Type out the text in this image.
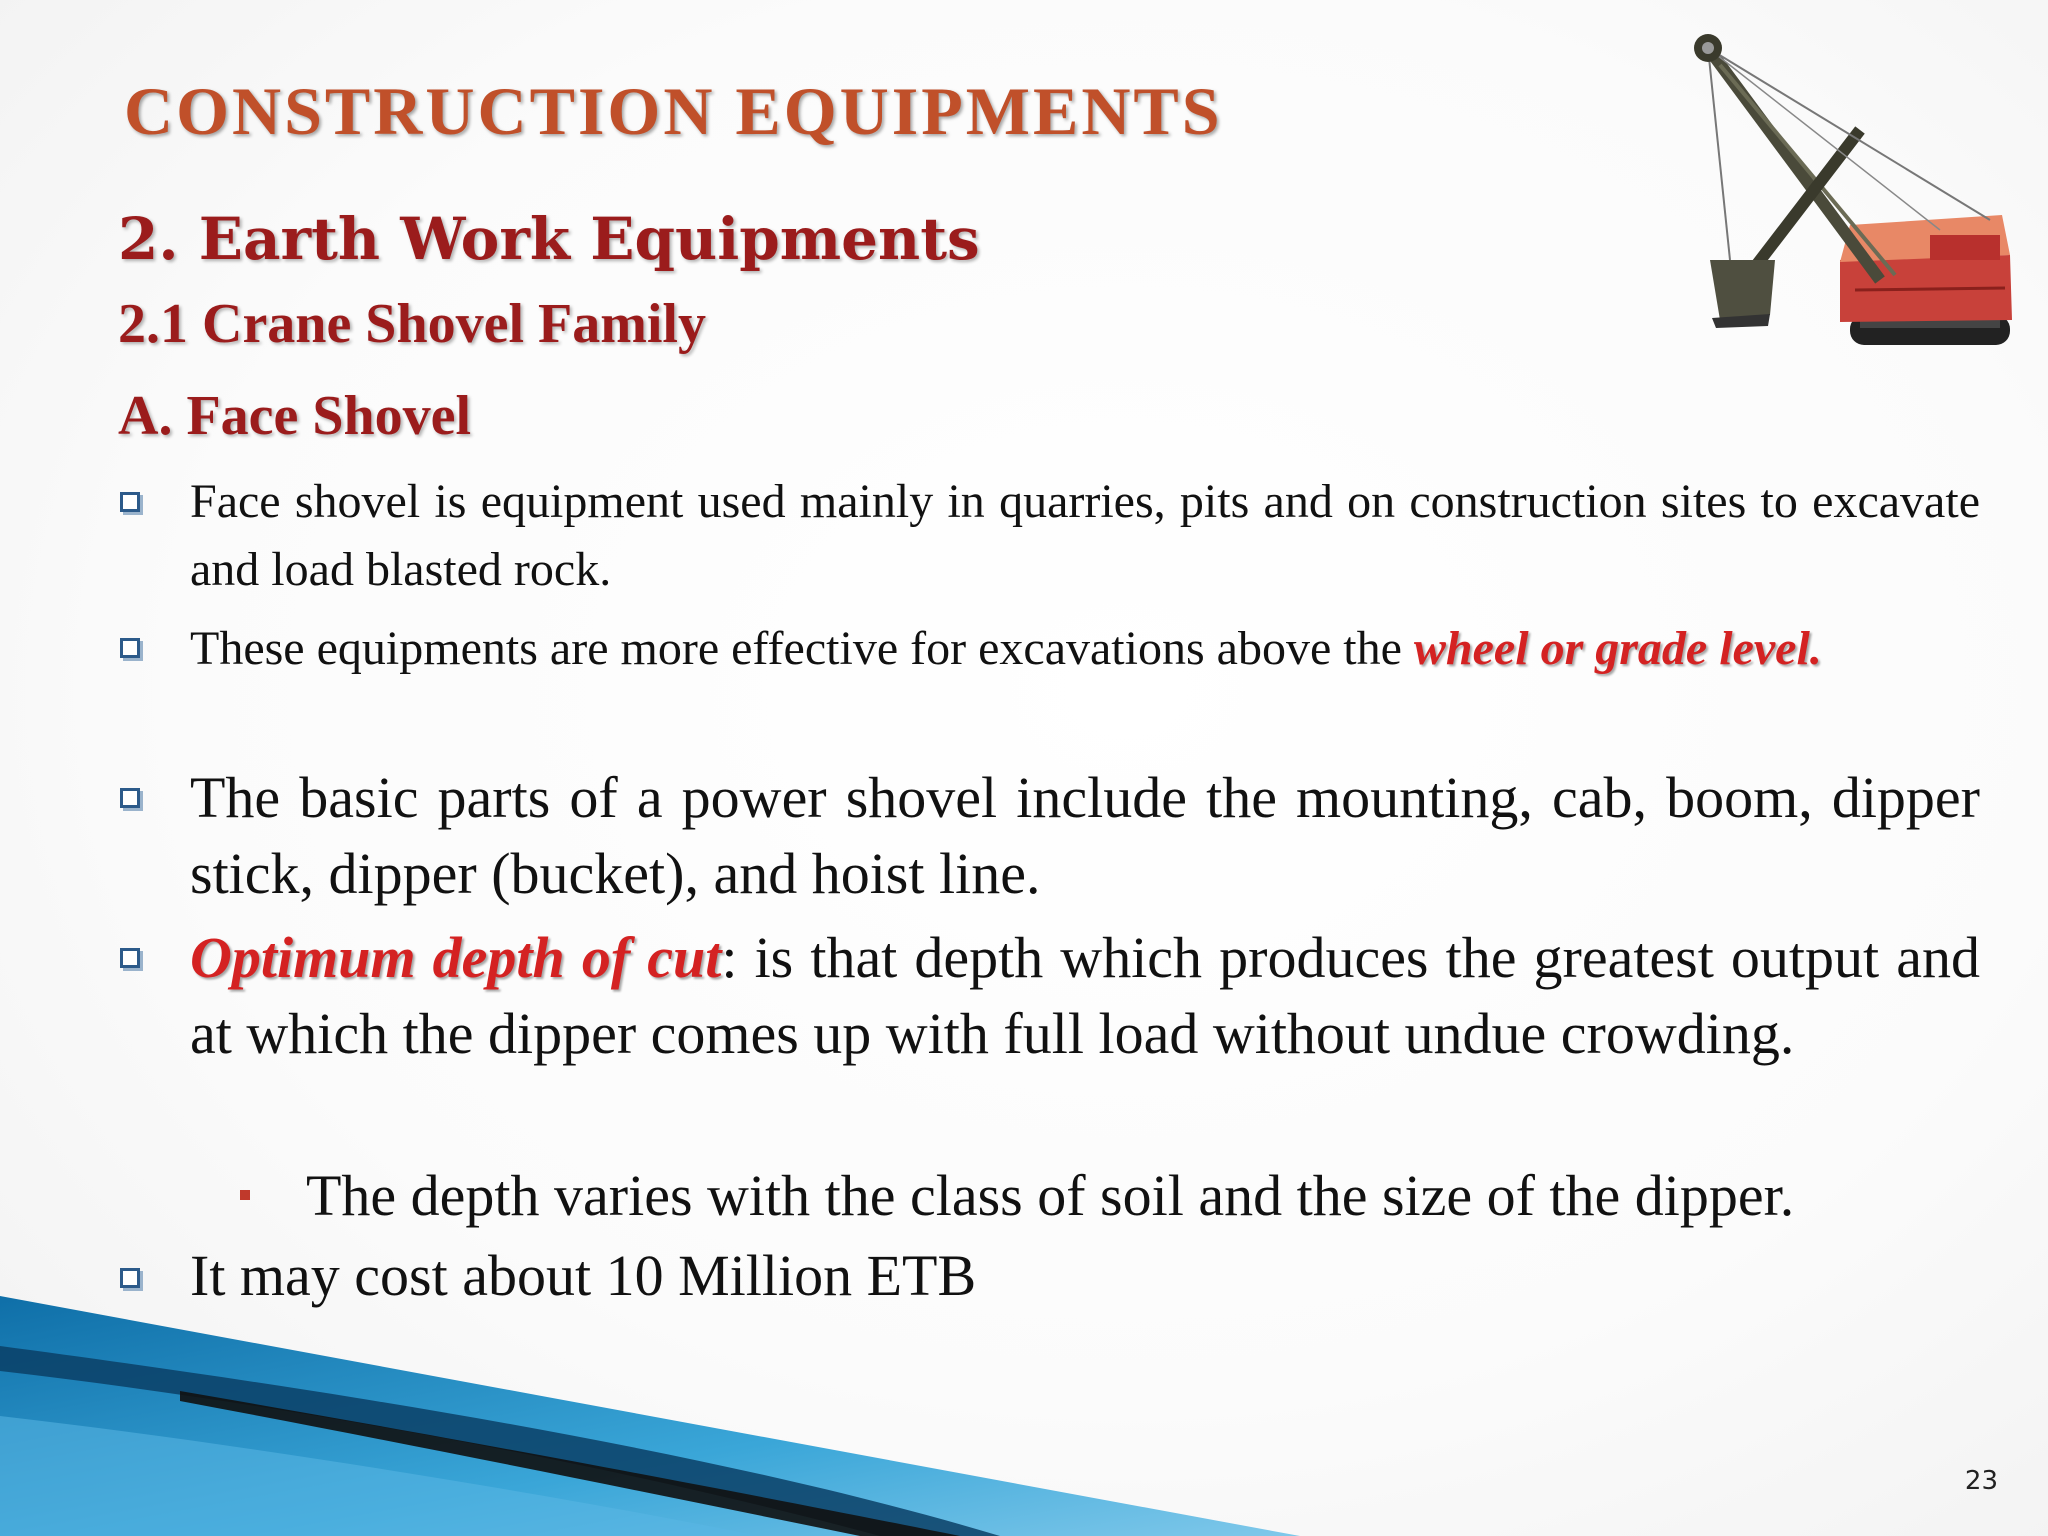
CONSTRUCTION EQUIPMENTS
2. Earth Work Equipments
2.1 Crane Shovel Family
A. Face Shovel
Face shovel is equipment used mainly in quarries, pits and on construction sites to excavate and load blasted rock.
These equipments are more effective for excavations above the wheel or grade level.
The basic parts of a power shovel include the mounting, cab, boom, dipper stick, dipper (bucket), and hoist line.
Optimum depth of cut: is that depth which produces the greatest output and at which the dipper comes up with full load without undue crowding.
The depth varies with the class of soil and the size of the dipper.
It may cost about 10 Million ETB
23
